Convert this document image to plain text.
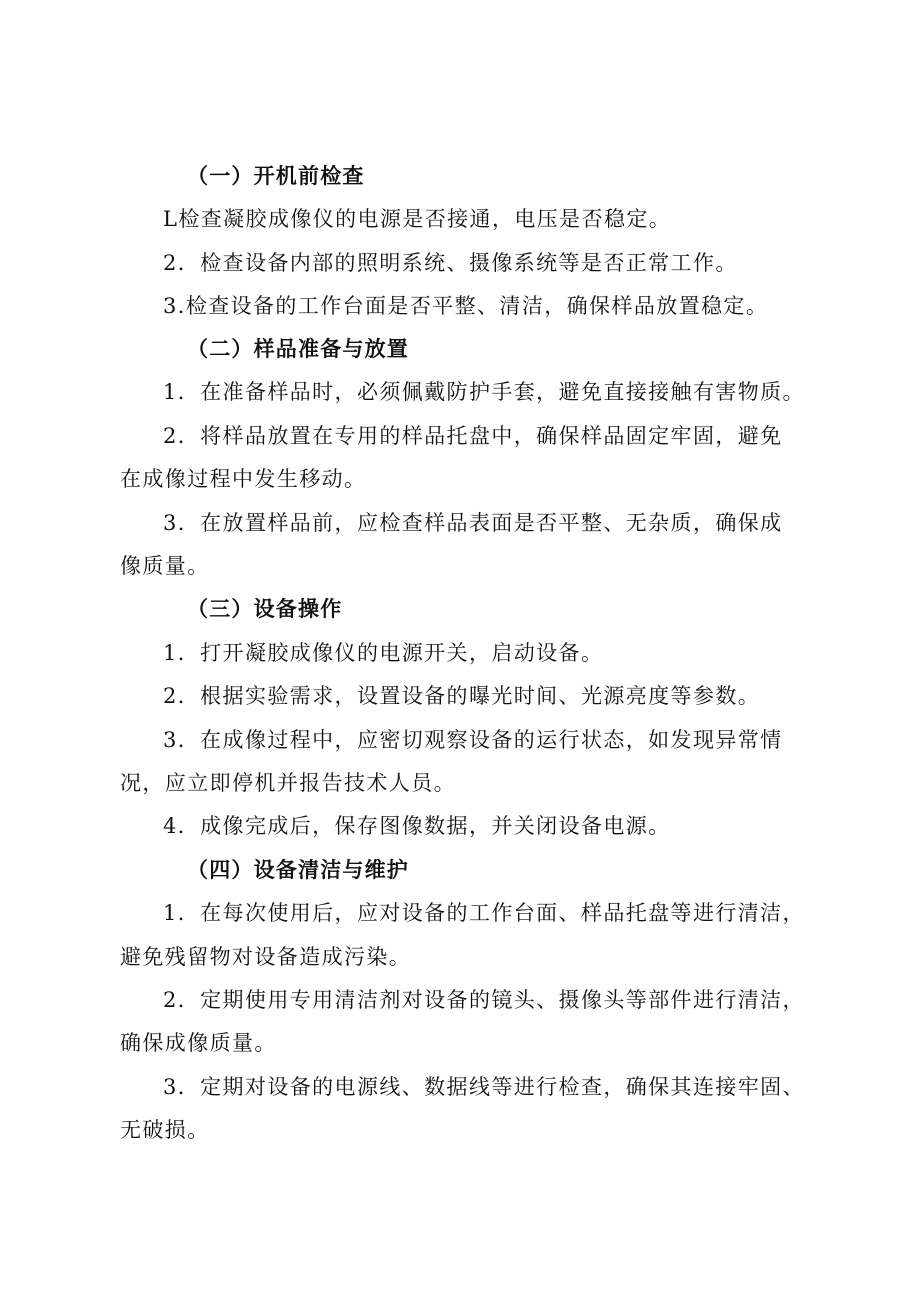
（一）开机前检查
L检查凝胶成像仪的电源是否接通，电压是否稳定。
2．检查设备内部的照明系统、摄像系统等是否正常工作。
3.检查设备的工作台面是否平整、清洁，确保样品放置稳定。
（二）样品准备与放置
1．在准备样品时，必须佩戴防护手套，避免直接接触有害物质。
2．将样品放置在专用的样品托盘中，确保样品固定牢固，避免
在成像过程中发生移动。
3．在放置样品前，应检查样品表面是否平整、无杂质，确保成
像质量。
（三）设备操作
1．打开凝胶成像仪的电源开关，启动设备。
2．根据实验需求，设置设备的曝光时间、光源亮度等参数。
3．在成像过程中，应密切观察设备的运行状态，如发现异常情
况，应立即停机并报告技术人员。
4．成像完成后，保存图像数据，并关闭设备电源。
（四）设备清洁与维护
1．在每次使用后，应对设备的工作台面、样品托盘等进行清洁，
避免残留物对设备造成污染。
2．定期使用专用清洁剂对设备的镜头、摄像头等部件进行清洁，
确保成像质量。
3．定期对设备的电源线、数据线等进行检查，确保其连接牢固、
无破损。
